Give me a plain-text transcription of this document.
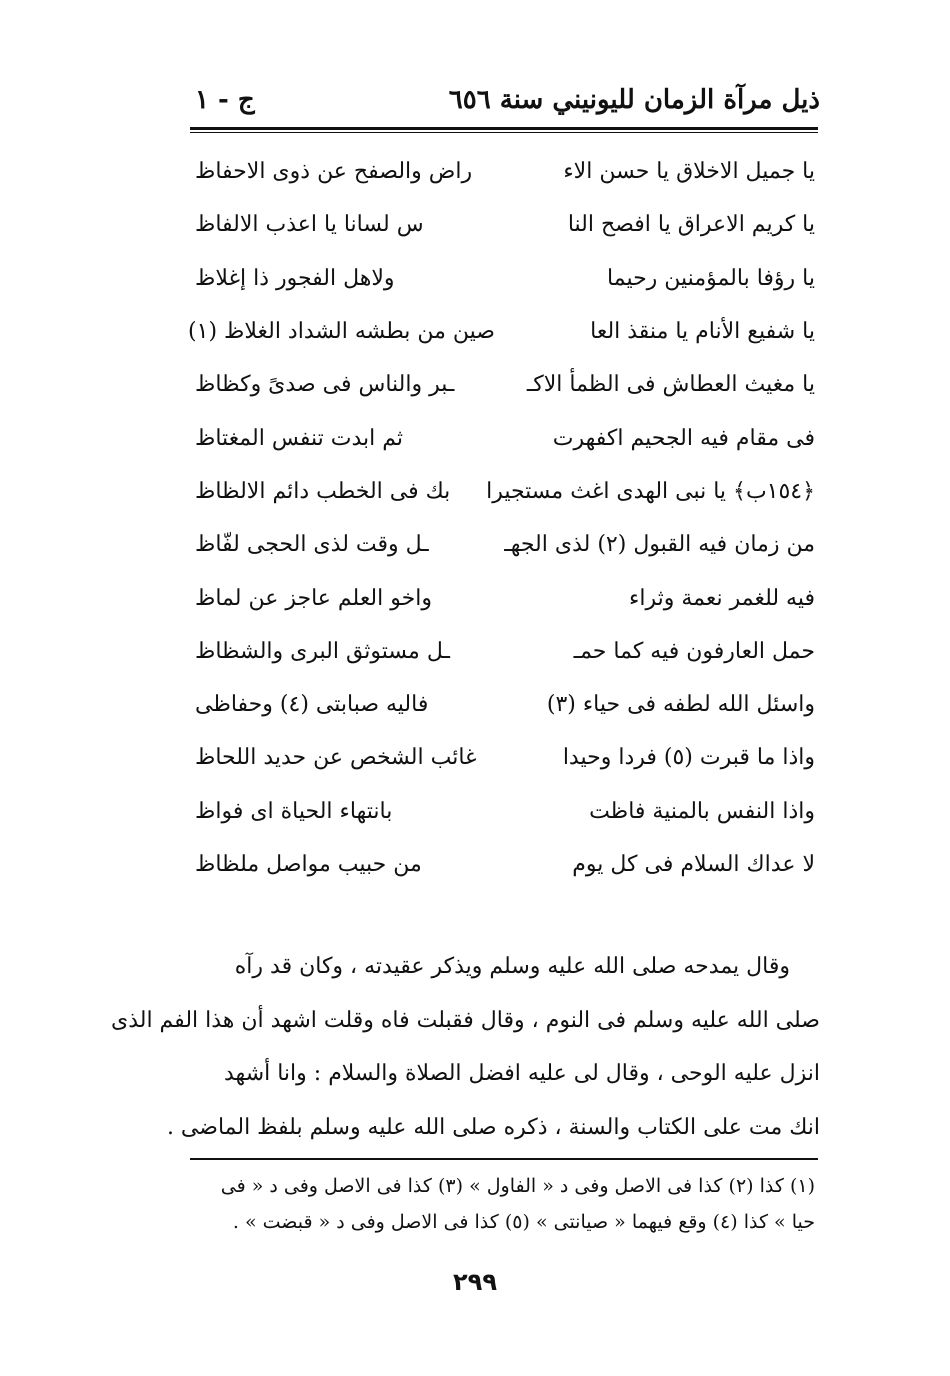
ذيل مرآة الزمان لليونيني سنة ٦٥٦
ج - ١
يا جميل الاخلاق يا حسن الاء
راض والصفح عن ذوى الاحفاظ
يا كريم الاعراق يا افصح النا
س لسانا يا اعذب الالفاظ
يا رؤفا بالمؤمنين رحيما
ولاهل الفجور ذا إغلاظ
يا شفيع الأنام يا منقذ العا
صين من بطشه الشداد الغلاظ (١)
يا مغيث العطاش فى الظمأ الاكـ
ـبر والناس فى صدىً وكظاظ
فى مقام فيه الجحيم اكفهرت
ثم ابدت تنفس المغتاظ
﴿١٥٤ب﴾ يا نبى الهدى اغث مستجيرا
بك فى الخطب دائم الالظاظ
من زمان فيه القبول (٢) لذى الجهـ
ـل وقت لذى الحجى لفّاظ
فيه للغمر نعمة وثراء
واخو العلم عاجز عن لماظ
حمل العارفون فيه كما حمـ
ـل مستوثق البرى والشظاظ
واسئل الله لطفه فى حياء (٣)
فاليه صبابتى (٤) وحفاظى
واذا ما قبرت (٥) فردا وحيدا
غائب الشخص عن حديد اللحاظ
واذا النفس بالمنية فاظت
بانتهاء الحياة اى فواظ
لا عداك السلام فى كل يوم
من حبيب مواصل ملظاظ
وقال يمدحه صلى الله عليه وسلم ويذكر عقيدته ، وكان قد رآه
صلى الله عليه وسلم فى النوم ، وقال فقبلت فاه وقلت اشهد أن هذا الفم الذى
انزل عليه الوحى ، وقال لى عليه افضل الصلاة والسلام : وانا أشهد
انك مت على الكتاب والسنة ، ذكره صلى الله عليه وسلم بلفظ الماضى .
(١) كذا (٢) كذا فى الاصل وفى د « الفاول » (٣) كذا فى الاصل وفى د « فى
حيا » كذا (٤) وقع فيهما « صيانتى » (٥) كذا فى الاصل وفى د « قبضت » .
٢٩٩
